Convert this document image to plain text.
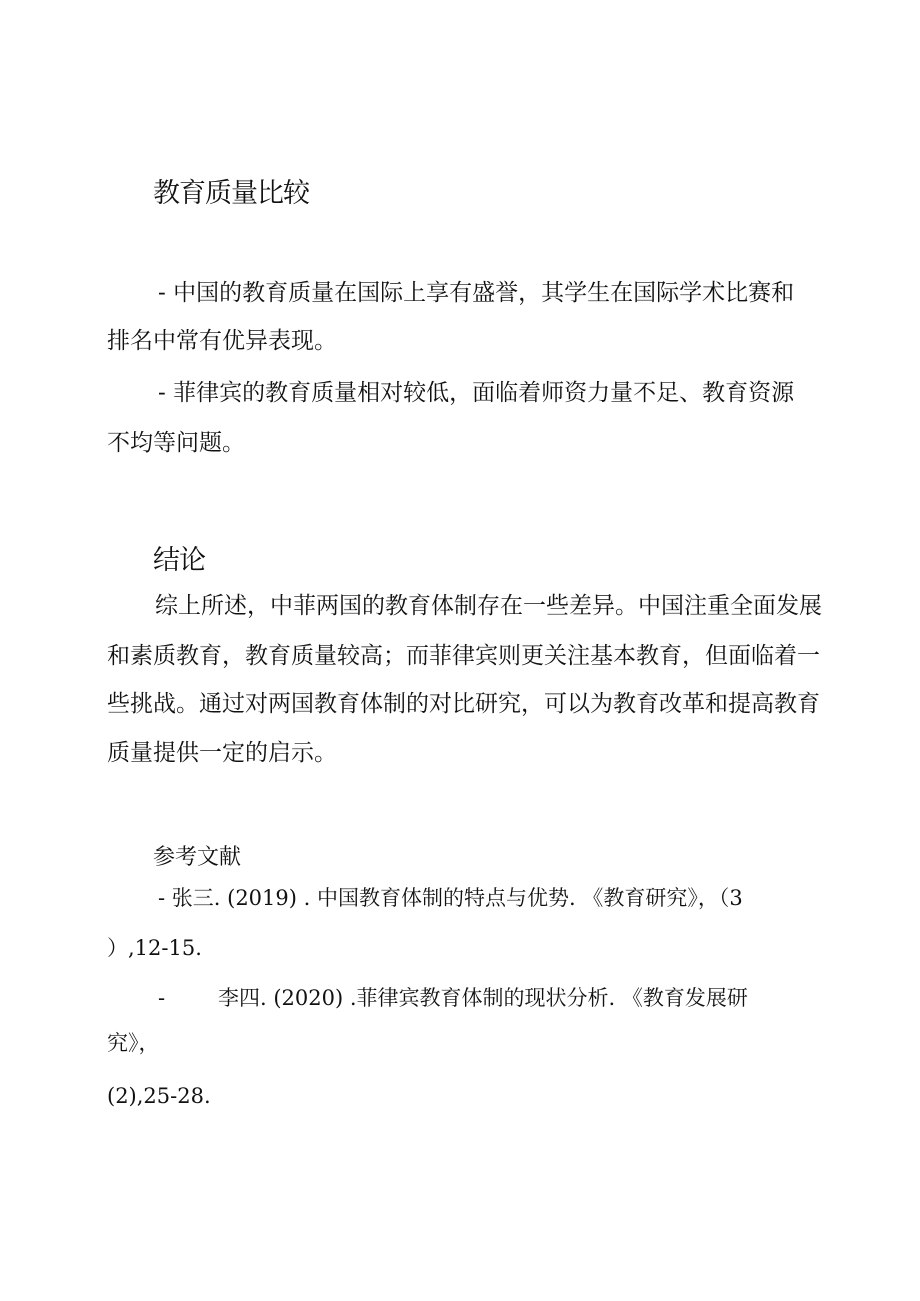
教育质量比较

- 中国的教育质量在国际上享有盛誉，其学生在国际学术比赛和

排名中常有优异表现。

- 菲律宾的教育质量相对较低，面临着师资力量不足、教育资源

不均等问题。

结论

综上所述，中菲两国的教育体制存在一些差异。中国注重全面发展

和素质教育，教育质量较高；而菲律宾则更关注基本教育，但面临着一

些挑战。通过对两国教育体制的对比研究，可以为教育改革和提高教育

质量提供一定的启示。

参考文献

- 张三. (2019) . 中国教育体制的特点与优势. 《教育研究》，（3

）,12-15.

-	李四. (2020) .菲律宾教育体制的现状分析. 《教育发展研

究》，

(2),25-28.
